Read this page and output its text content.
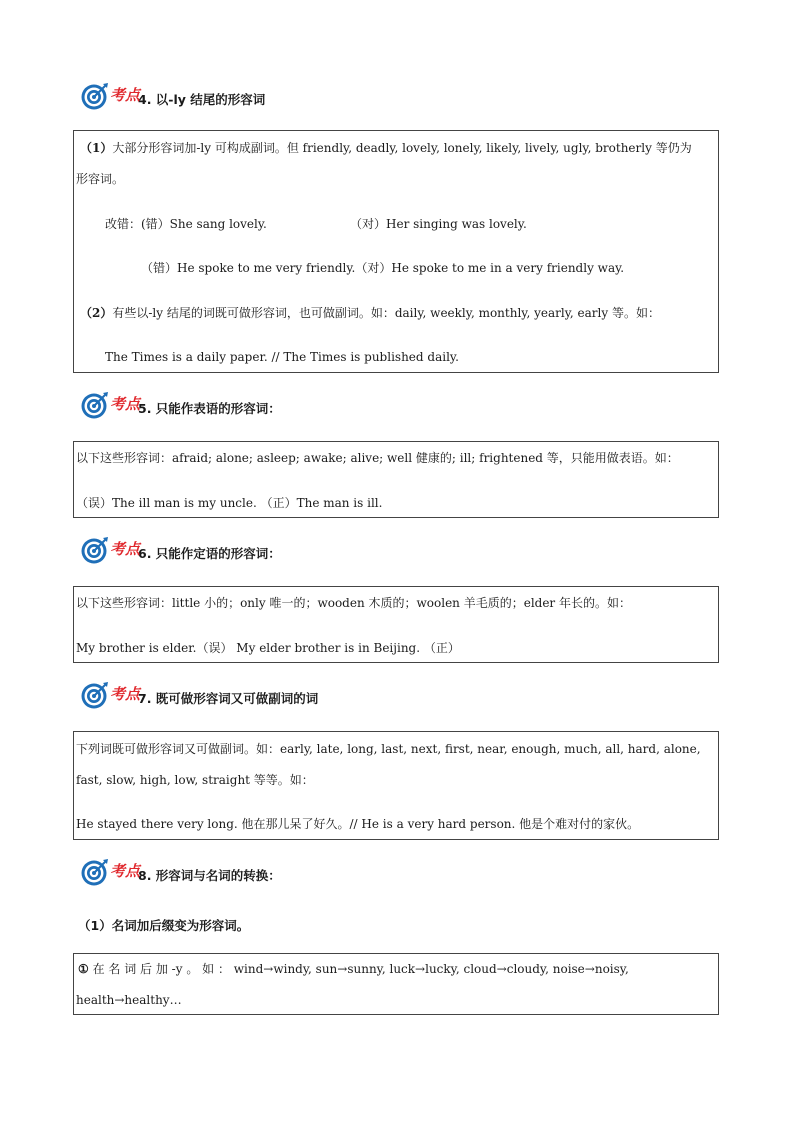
考点
4. 以-ly 结尾的形容词
（1）大部分形容词加-ly 可构成副词。但 friendly, deadly, lovely, lonely, likely, lively, ugly, brotherly 等仍为
形容词。
改错：(错）She sang lovely.	（对）Her singing was lovely.
（错）He spoke to me very friendly.（对）He spoke to me in a very friendly way.
（2）有些以-ly 结尾的词既可做形容词，也可做副词。如：daily, weekly, monthly, yearly, early 等。如：
The Times is a daily paper. // The Times is published daily.
考点
5. 只能作表语的形容词：
以下这些形容词：afraid; alone; asleep; awake; alive; well 健康的; ill; frightened 等，只能用做表语。如：
（误）The ill man is my uncle. （正）The man is ill.
考点
6. 只能作定语的形容词：
以下这些形容词：little 小的；only 唯一的；wooden 木质的；woolen 羊毛质的；elder 年长的。如：
My brother is elder.（误） My elder brother is in Beijing. （正）
考点
7. 既可做形容词又可做副词的词
下列词既可做形容词又可做副词。如：early, late, long, last, next, first, near, enough, much, all, hard, alone,
fast, slow, high, low, straight 等等。如：
He stayed there very long. 他在那儿呆了好久。// He is a very hard person. 他是个难对付的家伙。
考点
8. 形容词与名词的转换：
（1）名词加后缀变为形容词。
① 在 名 词 后 加 -y 。 如 ： wind→windy, sun→sunny, luck→lucky, cloud→cloudy, noise→noisy,
health→healthy…
